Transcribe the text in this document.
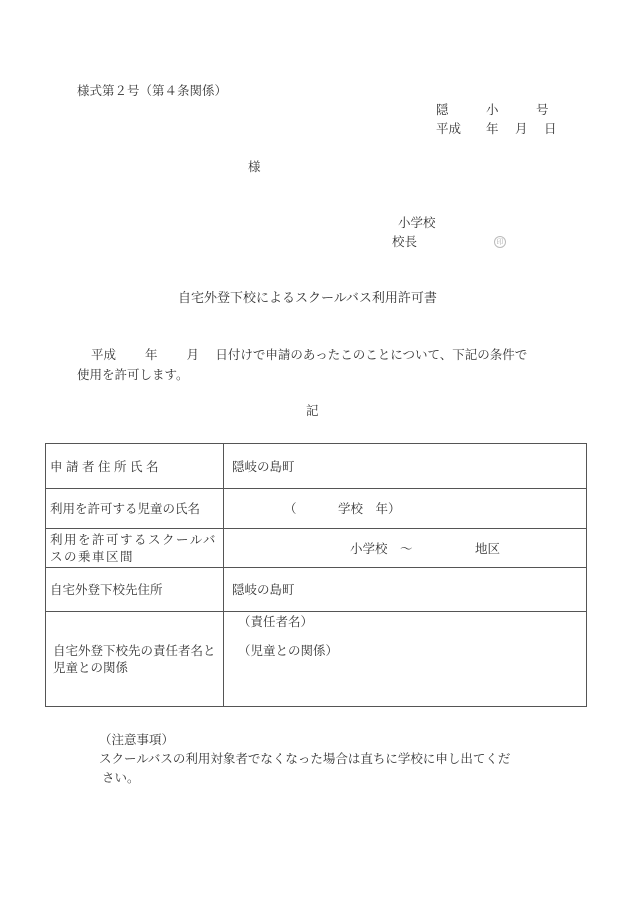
様式第２号（第４条関係）
隠　　　小　　　号
平成　　年　 月　 日
様
小学校
校長	印
自宅外登下校によるスクールバス利用許可書
平成　　 年　　 月　 日付けで申請のあったこのことについて、下記の条件で
使用を許可します。
記
申請者住所氏名	隠岐の島町
利用を許可する児童の氏名	（　　　 学校　年）
利用を許可するスクールバスの乗車区間	小学校　～　　　　　地区
自宅外登下校先住所	隠岐の島町
自宅外登下校先の責任者名と児童との関係	（責任者名）
（児童との関係）
（注意事項）
スクールバスの利用対象者でなくなった場合は直ちに学校に申し出てくだ
さい。
